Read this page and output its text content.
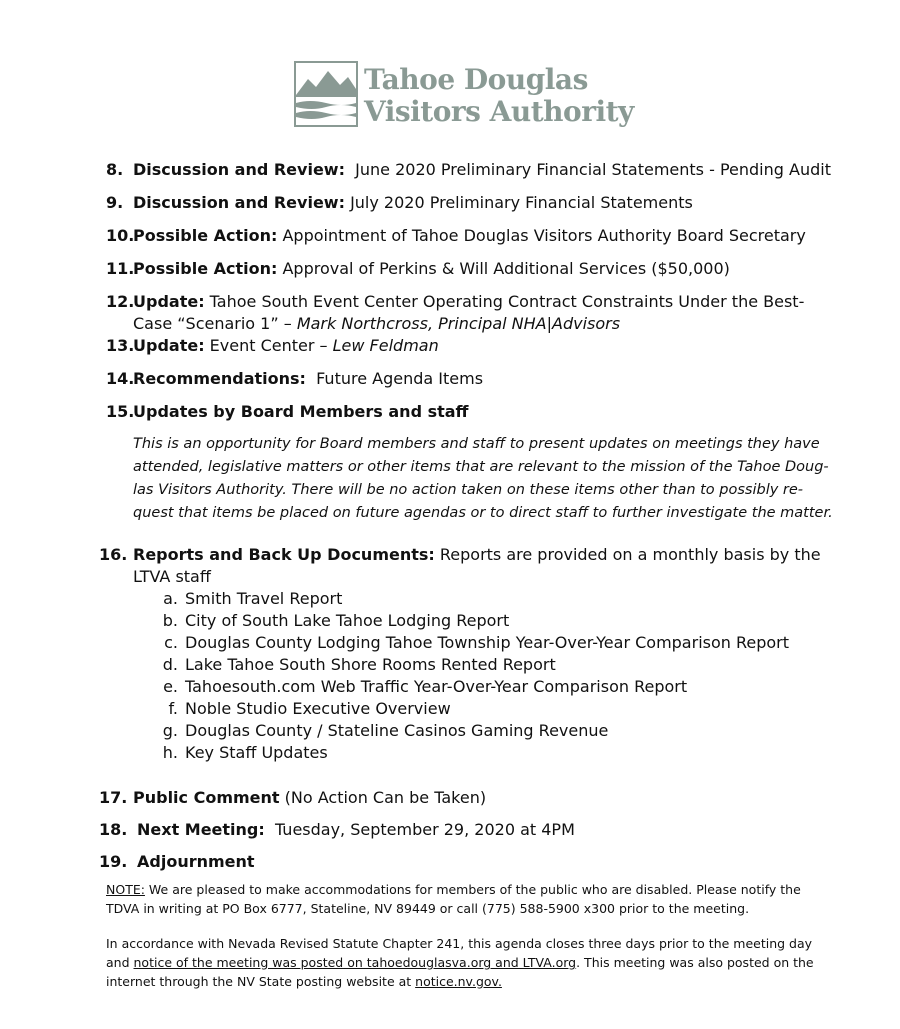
Tahoe Douglas
Visitors Authority
8. Discussion and Review:  June 2020 Preliminary Financial Statements - Pending Audit
9. Discussion and Review: July 2020 Preliminary Financial Statements
10.
Possible Action: Appointment of Tahoe Douglas Visitors Authority Board Secretary
11.
Possible Action: Approval of Perkins & Will Additional Services ($50,000)
12.
Update: Tahoe South Event Center Operating Contract Constraints Under the Best-
Case “Scenario 1” – Mark Northcross, Principal NHA|Advisors
13.
Update: Event Center – Lew Feldman
14.
Recommendations:  Future Agenda Items
15.
Updates by Board Members and staff
This is an opportunity for Board members and staff to present updates on meetings they have
attended, legislative matters or other items that are relevant to the mission of the Tahoe Doug-
las Visitors Authority. There will be no action taken on these items other than to possibly re-
quest that items be placed on future agendas or to direct staff to further investigate the matter.
16. Reports and Back Up Documents: Reports are provided on a monthly basis by the
LTVA staff
a. Smith Travel Report
b. City of South Lake Tahoe Lodging Report
c. Douglas County Lodging Tahoe Township Year-Over-Year Comparison Report
d. Lake Tahoe South Shore Rooms Rented Report
e. Tahoesouth.com Web Traffic Year-Over-Year Comparison Report
f. Noble Studio Executive Overview
g. Douglas County / Stateline Casinos Gaming Revenue
h. Key Staff Updates
17. Public Comment (No Action Can be Taken)
18. Next Meeting:  Tuesday, September 29, 2020 at 4PM
19. Adjournment
NOTE: We are pleased to make accommodations for members of the public who are disabled. Please notify the
TDVA in writing at PO Box 6777, Stateline, NV 89449 or call (775) 588-5900 x300 prior to the meeting.
In accordance with Nevada Revised Statute Chapter 241, this agenda closes three days prior to the meeting day
and notice of the meeting was posted on tahoedouglasva.org and LTVA.org. This meeting was also posted on the
internet through the NV State posting website at notice.nv.gov.
